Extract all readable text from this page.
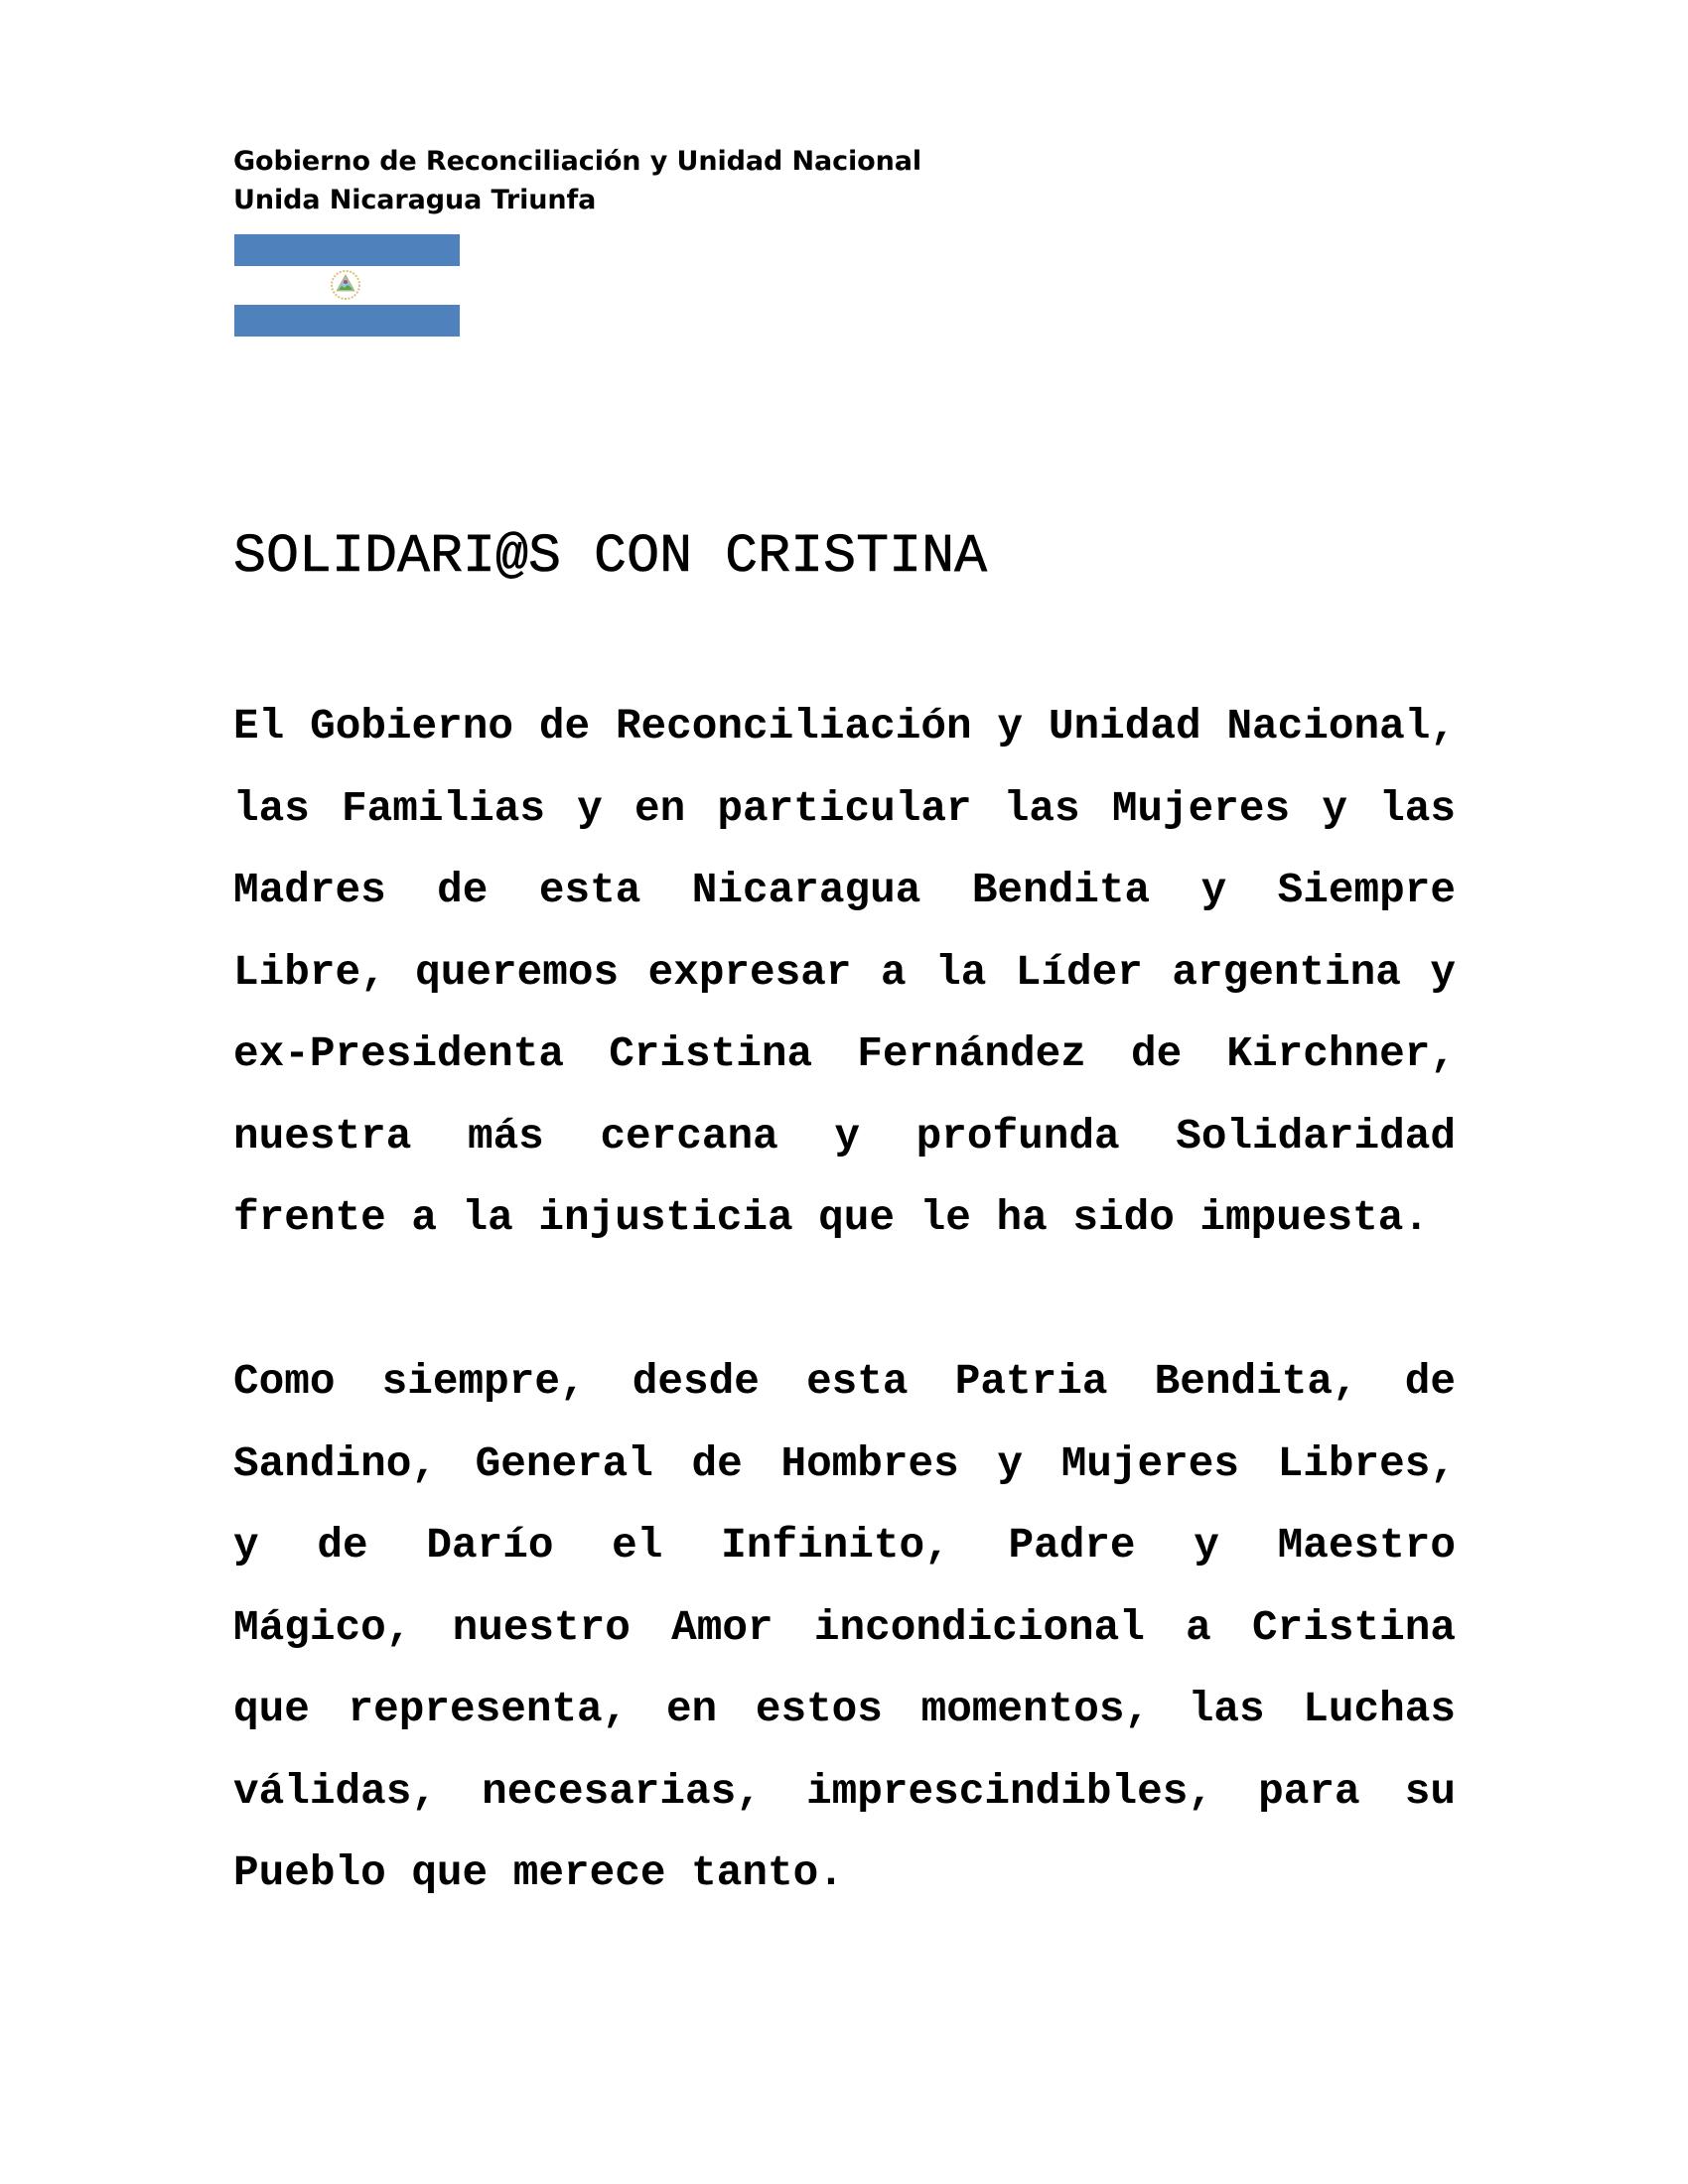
Gobierno de Reconciliación y Unidad Nacional
Unida Nicaragua Triunfa
SOLIDARI@S CON CRISTINA
El Gobierno de Reconciliación y Unidad Nacional,
las Familias y en particular las Mujeres y las
Madres de esta Nicaragua Bendita y Siempre
Libre, queremos expresar a la Líder argentina y
ex-Presidenta Cristina Fernández de Kirchner,
nuestra más cercana y profunda Solidaridad
frente a la injusticia que le ha sido impuesta.
Como siempre, desde esta Patria Bendita, de
Sandino, General de Hombres y Mujeres Libres,
y de Darío el Infinito, Padre y Maestro
Mágico, nuestro Amor incondicional a Cristina
que representa, en estos momentos, las Luchas
válidas, necesarias, imprescindibles, para su
Pueblo que merece tanto.
